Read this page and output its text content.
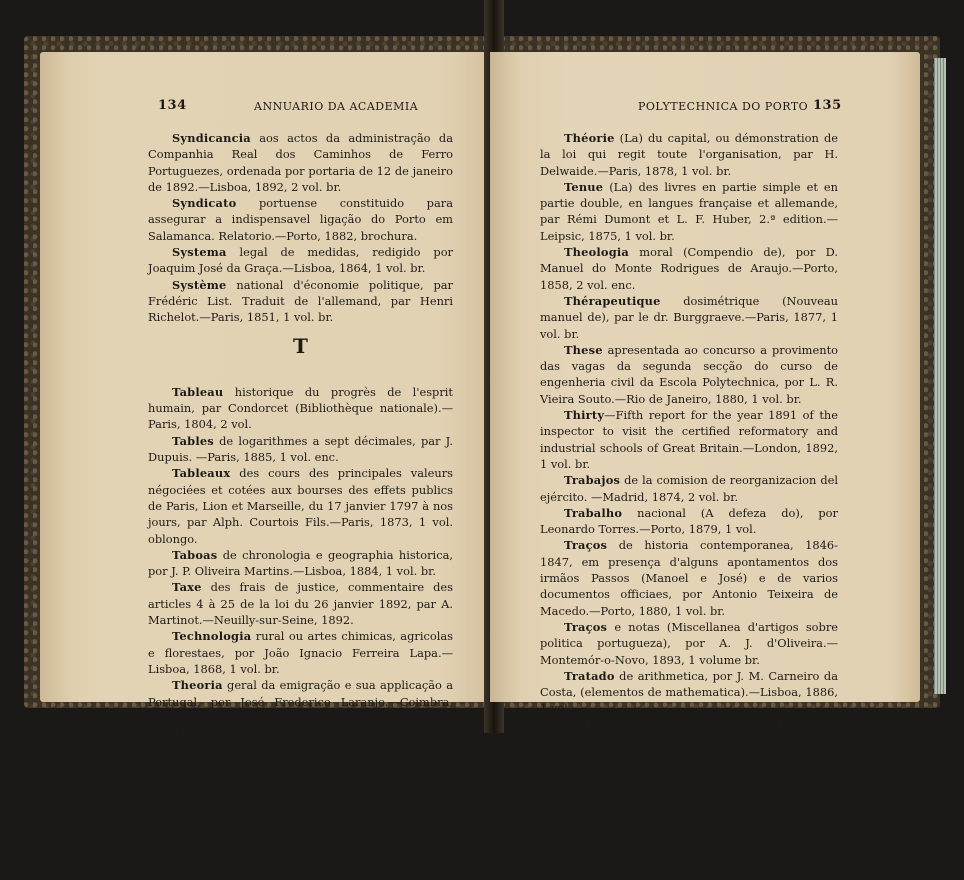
134	ANNUARIO DA ACADEMIA

Syndicancia aos actos da administração da Companhia Real dos Caminhos de Ferro Portuguezes, ordenada por portaria de 12 de janeiro de 1892.—Lisboa, 1892, 2 vol. br.

Syndicato portuense constituido para assegurar a indispensavel ligação do Porto em Salamanca. Relatorio.—Porto, 1882, brochura.

Systema legal de medidas, redigido por Joaquim José da Graça.—Lisboa, 1864, 1 vol. br.

Système national d'économie politique, par Frédéric List. Traduit de l'allemand, par Henri Richelot.—Paris, 1851, 1 vol. br.

T

Tableau historique du progrès de l'esprit humain, par Condorcet (Bibliothèque nationale).—Paris, 1804, 2 vol.

Tables de logarithmes a sept décimales, par J. Dupuis. —Paris, 1885, 1 vol. enc.

Tableaux des cours des principales valeurs négociées et cotées aux bourses des effets publics de Paris, Lion et Marseille, du 17 janvier 1797 à nos jours, par Alph. Courtois Fils.—Paris, 1873, 1 vol. oblongo.

Taboas de chronologia e geographia historica, por J. P. Oliveira Martins.—Lisboa, 1884, 1 vol. br.

Taxe des frais de justice, commentaire des articles 4 à 25 de la loi du 26 janvier 1892, par A. Martinot.—Neuilly-sur-Seine, 1892.

Technologia rural ou artes chimicas, agricolas e florestaes, por João Ignacio Ferreira Lapa.—Lisboa, 1868, 1 vol. br.

Theoria geral da emigração e sua applicação a Portugal, por José Frederico Laranjo.—Coimbra, 1878, 1 vol. br.

Theoria da historia da litteratura portugueza, por Theophilo Braga, 3.ª edição totalmente refundida.—Porto, 1881, 1 vol. br.

POLYTECHNICA DO PORTO 135

Théorie (La) du capital, ou démonstration de la loi qui regit toute l'organisation, par H. Delwaide.—Paris, 1878, 1 vol. br.

Tenue (La) des livres en partie simple et en partie double, en langues française et allemande, par Rémi Dumont et L. F. Huber, 2.ª edition.—Leipsic, 1875, 1 vol. br.

Theologia moral (Compendio de), por D. Manuel do Monte Rodrigues de Araujo.—Porto, 1858, 2 vol. enc.

Thérapeutique dosimétrique (Nouveau manuel de), par le dr. Burggraeve.—Paris, 1877, 1 vol. br.

These apresentada ao concurso a provimento das vagas da segunda secção do curso de engenheria civil da Escola Polytechnica, por L. R. Vieira Souto.—Rio de Janeiro, 1880, 1 vol. br.

Thirty—Fifth report for the year 1891 of the inspector to visit the certified reformatory and industrial schools of Great Britain.—London, 1892, 1 vol. br.

Trabajos de la comision de reorganizacion del ejército. —Madrid, 1874, 2 vol. br.

Trabalho nacional (A defeza do), por Leonardo Torres.—Porto, 1879, 1 vol.

Traços de historia contemporanea, 1846-1847, em presença d'alguns apontamentos dos irmãos Passos (Manoel e José) e de varios documentos officiaes, por Antonio Teixeira de Macedo.—Porto, 1880, 1 vol. br.

Traços e notas (Miscellanea d'artigos sobre politica portugueza), por A. J. d'Oliveira.—Montemór-o-Novo, 1893, 1 volume br.

Tratado de arithmetica, por J. M. Carneiro da Costa, (elementos de mathematica).—Lisboa, 1886, 1 vol.

Trafico (O) da escravatura e o bill de lord Palmerston, pelo Visconde de Sá da Bandeira.—Lisboa, 1840, 1 vol. enc.

Traité d'Arithmétique Commercial, par A. Brasilier.—Paris, 1889, 1 vol. br. avec. fig. dans le texte.

Traité du crédit foncier, ou explication théorique et pratique de la législation relative au crédit foncier en France, par J. B. Josseau.—Paris, 1853, 1 vol. br.
